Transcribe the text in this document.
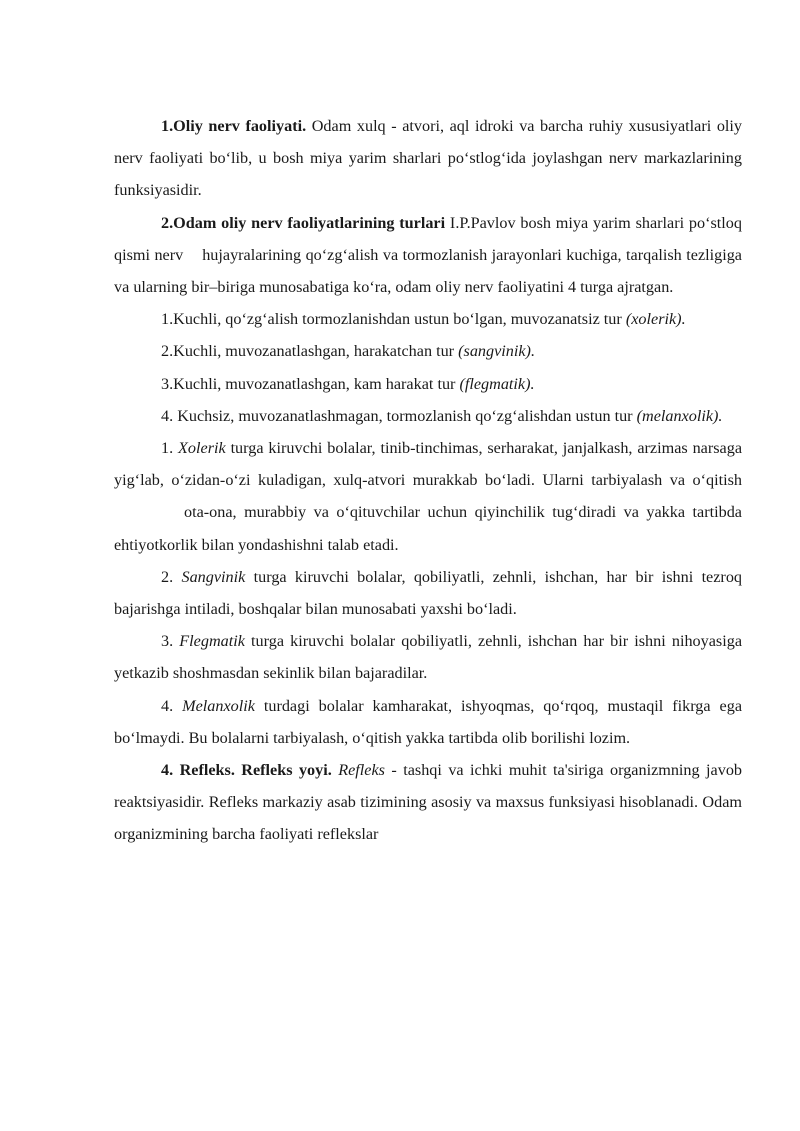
1.Oliy nerv faoliyati. Odam xulq - atvori, aql idroki va barcha ruhiy xususiyatlari oliy nerv faoliyati bo‘lib, u bosh miya yarim sharlari po‘stlog‘ida joylashgan nerv markazlarining funksiyasidir.

2.Odam oliy nerv faoliyatlarining turlari I.P.Pavlov bosh miya yarim sharlari po‘stloq qismi nerv  hujayralarining qo‘zg‘alish va tormozlanish jarayonlari kuchiga, tarqalish tezligiga va ularning bir–biriga munosabatiga ko‘ra, odam oliy nerv faoliyatini 4 turga ajratgan.

1.Kuchli, qo‘zg‘alish tormozlanishdan ustun bo‘lgan, muvozanatsiz tur (xolerik).

2.Kuchli, muvozanatlashgan, harakatchan tur (sangvinik).

3.Kuchli, muvozanatlashgan, kam harakat tur (flegmatik).

4. Kuchsiz, muvozanatlashmagan, tormozlanish qo‘zg‘alishdan ustun tur (melanxolik).

1. Xolerik turga kiruvchi bolalar, tinib-tinchimas, serharakat, janjalkash, arzimas narsaga yig‘lab, o‘zidan-o‘zi kuladigan, xulq-atvori murakkab bo‘ladi. Ularni tarbiyalash va o‘qitishota-ona, murabbiy va o‘qituvchilar uchun qiyinchilik tug‘diradi va yakka tartibda ehtiyotkorlik bilan yondashishni talab etadi.

2. Sangvinik turga kiruvchi bolalar, qobiliyatli, zehnli, ishchan, har bir ishni tezroq bajarishga intiladi, boshqalar bilan munosabati yaxshi bo‘ladi.

3. Flegmatik turga kiruvchi bolalar qobiliyatli, zehnli, ishchan har bir ishni nihoyasiga yetkazib shoshmasdan sekinlik bilan bajaradilar.

4. Melanxolik turdagi bolalar kamharakat, ishyoqmas, qo‘rqoq, mustaqil fikrga ega bo‘lmaydi. Bu bolalarni tarbiyalash, o‘qitish yakka tartibda olib borilishi lozim.

4. Refleks. Refleks yoyi. Refleks - tashqi va ichki muhit ta'siriga organizmning javob reaktsiyasidir. Refleks markaziy asab tizimining asosiy va maxsus funksiyasi hisoblanadi. Odam organizmining barcha faoliyati reflekslar
